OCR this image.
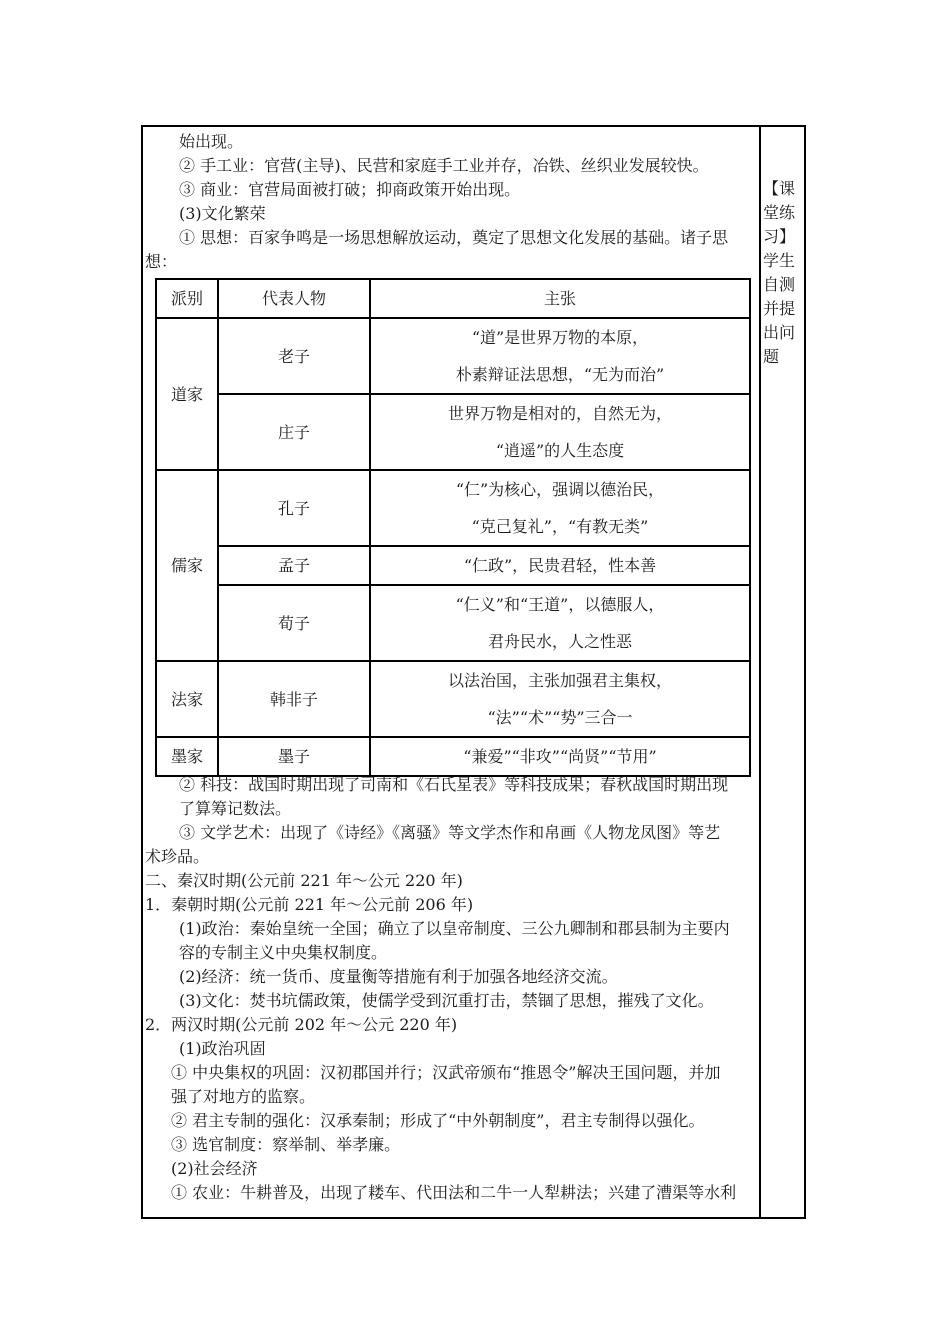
始出现。
② 手工业：官营(主导)、民营和家庭手工业并存，冶铁、丝织业发展较快。
③ 商业：官营局面被打破；抑商政策开始出现。
(3)文化繁荣
① 思想：百家争鸣是一场思想解放运动，奠定了思想文化发展的基础。诸子思
想：
派别	代表人物	主张
道家	老子	“道”是世界万物的本原，
朴素辩证法思想，“无为而治”

	庄子	世界万物是相对的，自然无为，
“逍遥”的人生态度

儒家	孔子	“仁”为核心，强调以德治民，
“克己复礼”，“有教无类”

	孟子	“仁政”，民贵君轻，性本善

	荀子	“仁义”和“王道”，以德服人，
君舟民水，人之性恶

法家	韩非子	以法治国，主张加强君主集权，
“法”“术”“势”三合一

墨家	墨子	“兼爱”“非攻”“尚贤”“节用”
② 科技：战国时期出现了司南和《石氏星表》等科技成果；春秋战国时期出现
了算筹记数法。
③ 文学艺术：出现了《诗经》《离骚》等文学杰作和帛画《人物龙凤图》等艺
术珍品。
二、秦汉时期(公元前 221 年～公元 220 年)
1．秦朝时期(公元前 221 年～公元前 206 年)
(1)政治：秦始皇统一全国；确立了以皇帝制度、三公九卿制和郡县制为主要内
容的专制主义中央集权制度。
(2)经济：统一货币、度量衡等措施有利于加强各地经济交流。
(3)文化：焚书坑儒政策，使儒学受到沉重打击，禁锢了思想，摧残了文化。
2．两汉时期(公元前 202 年～公元 220 年)
(1)政治巩固
① 中央集权的巩固：汉初郡国并行；汉武帝颁布“推恩令”解决王国问题，并加
强了对地方的监察。
② 君主专制的强化：汉承秦制；形成了“中外朝制度”，君主专制得以强化。
③ 选官制度：察举制、举孝廉。
(2)社会经济
① 农业：牛耕普及，出现了耧车、代田法和二牛一人犁耕法；兴建了漕渠等水利
【课
堂练
习】
学生
自测
并提
出问
题
